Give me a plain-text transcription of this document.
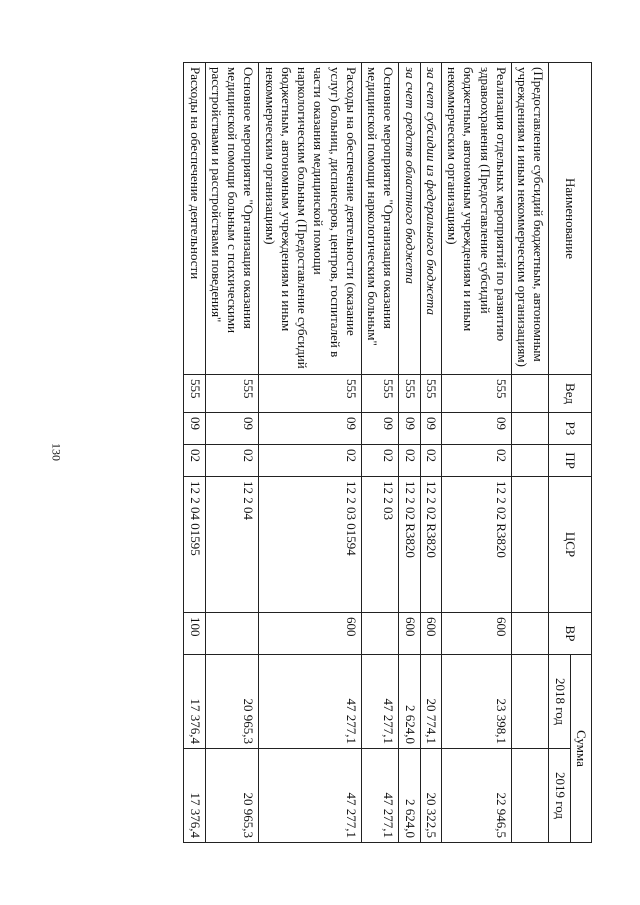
130
Наименование	Вед	РЗ	ПР	ЦСР	ВР	Сумма	
						2018 год	2019 год
(Предоставление субсидий бюджетным, автономным учреждениям и иным некоммерческим организациям)							
Реализация отдельных мероприятий по развитию здравоохранения (Предоставление субсидий бюджетным, автономным учреждениям и иным некоммерческим организациям)	555	09	02	12 2 02 R3820	600	23 398,1	22 946,5
за счет субсидии из федерального бюджета	555	09	02	12 2 02 R3820	600	20 774,1	20 322,5
за счет средств областного бюджета	555	09	02	12 2 02 R3820	600	2 624,0	2 624,0
Основное мероприятие "Организация оказания медицинской помощи наркологическим больным"	555	09	02	12 2 03		47 277,1	47 277,1
Расходы на обеспечение деятельности (оказание услуг) больниц, диспансеров, центров, госпиталей в части оказания медицинской помощи наркологическим больным (Предоставление субсидий бюджетным, автономным учреждениям и иным некоммерческим организациям)	555	09	02	12 2 03 01594	600	47 277,1	47 277,1
Основное мероприятие "Организация оказания медицинской помощи больным с психическими расстройствами и расстройствами поведения"	555	09	02	12 2 04		20 965,3	20 965,3
Расходы на обеспечение деятельности	555	09	02	12 2 04 01595	100	17 376,4	17 376,4
